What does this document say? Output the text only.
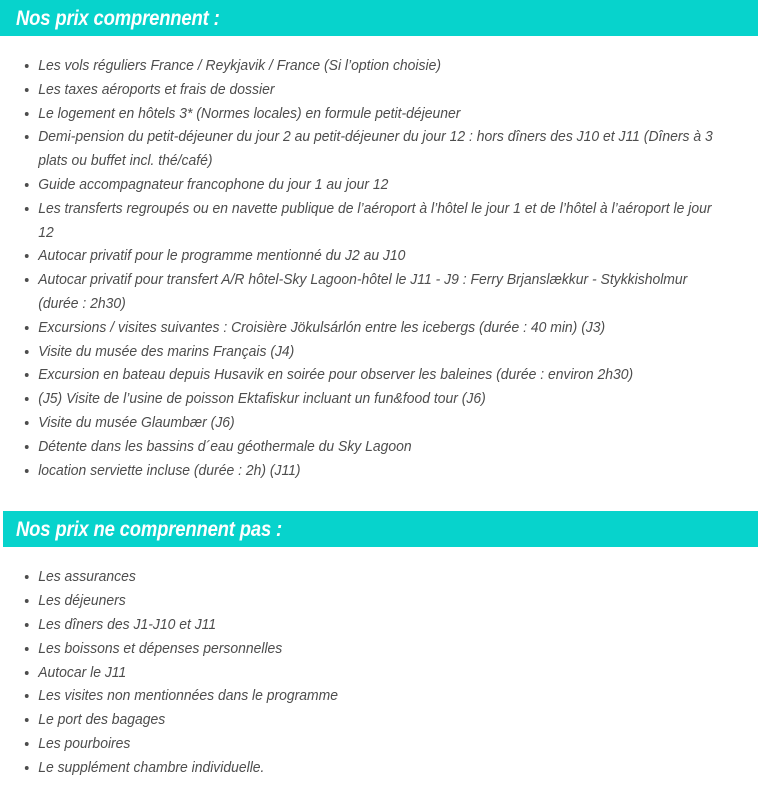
Nos prix comprennent :
Les vols réguliers France / Reykjavik / France (Si l’option choisie)
Les taxes aéroports et frais de dossier
Le logement en hôtels 3* (Normes locales) en formule petit-déjeuner
Demi-pension du petit-déjeuner du jour 2 au petit-déjeuner du jour 12 : hors dîners des J10 et J11 (Dîners à 3 plats ou buffet incl. thé/café)
Guide accompagnateur francophone du jour 1 au jour 12
Les transferts regroupés ou en navette publique de l’aéroport à l’hôtel le jour 1 et de l’hôtel à l’aéroport le jour 12
Autocar privatif pour le programme mentionné du J2 au J10
Autocar privatif pour transfert A/R hôtel-Sky Lagoon-hôtel le J11 - J9 : Ferry Brjanslækkur - Stykkisholmur (durée : 2h30)
Excursions / visites suivantes : Croisière Jökulsárlón entre les icebergs (durée : 40 min) (J3)
Visite du musée des marins Français (J4)
Excursion en bateau depuis Husavik en soirée pour observer les baleines (durée : environ 2h30)
(J5) Visite de l’usine de poisson Ektafiskur incluant un fun&food tour (J6)
Visite du musée Glaumbær (J6)
Détente dans les bassins d´eau géothermale du Sky Lagoon
location serviette incluse (durée : 2h) (J11)
Nos prix ne comprennent pas :
Les assurances
Les déjeuners
Les dîners des J1-J10 et J11
Les boissons et dépenses personnelles
Autocar le J11
Les visites non mentionnées dans le programme
Le port des bagages
Les pourboires
Le supplément chambre individuelle.
